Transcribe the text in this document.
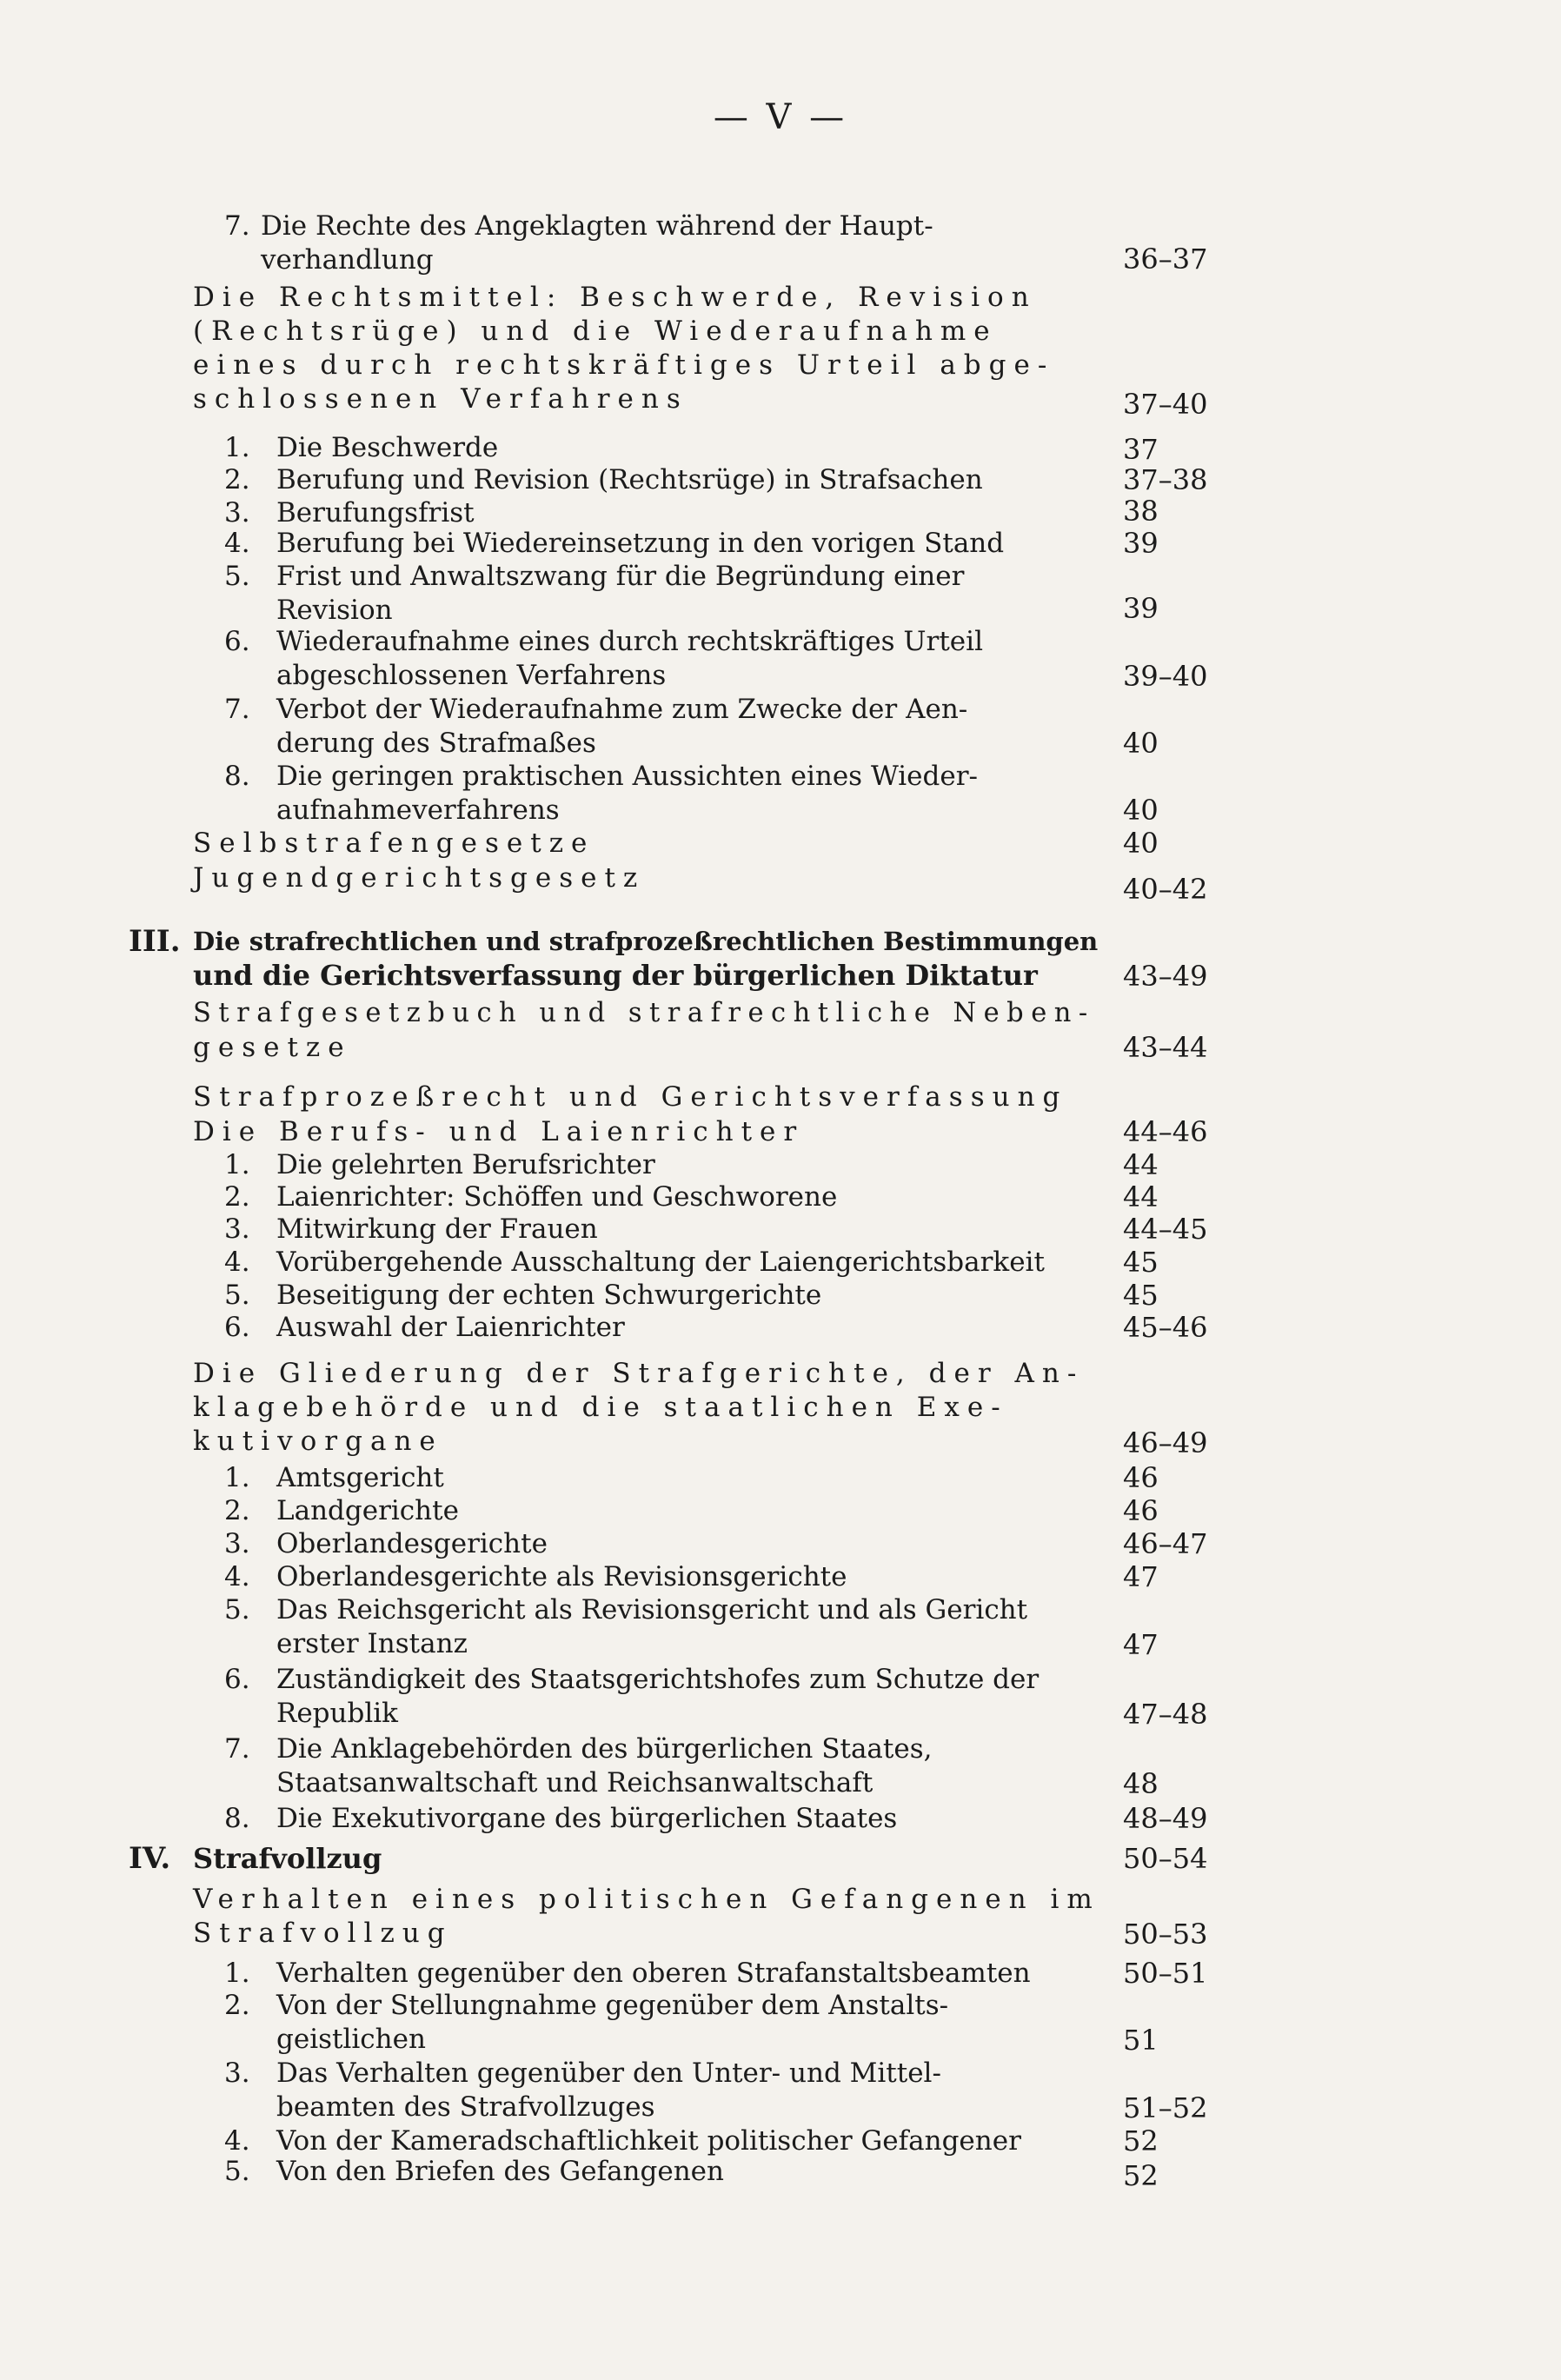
— V —
7. Die Rechte des Angeklagten während der Haupt-
verhandlung	36–37
Die Rechtsmittel: Beschwerde, Revision
(Rechtsrüge) und die Wiederaufnahme
eines durch rechtskräftiges Urteil abge-
schlossenen Verfahrens	37–40
1. Die Beschwerde	37
2. Berufung und Revision (Rechtsrüge) in Strafsachen	37–38
3. Berufungsfrist	38
4. Berufung bei Wiedereinsetzung in den vorigen Stand	39
5. Frist und Anwaltszwang für die Begründung einer
Revision	39
6. Wiederaufnahme eines durch rechtskräftiges Urteil
abgeschlossenen Verfahrens	39–40
7. Verbot der Wiederaufnahme zum Zwecke der Aen-
derung des Strafmaßes	40
8. Die geringen praktischen Aussichten eines Wieder-
aufnahmeverfahrens	40
Selbstrafengesetze	40
Jugendgerichtsgesetz	40–42
III. Die strafrechtlichen und strafprozeßrechtlichen Bestimmungen
und die Gerichtsverfassung der bürgerlichen Diktatur	43–49
Strafgesetzbuch und strafrechtliche Neben-
gesetze	43–44
Strafprozeßrecht und Gerichtsverfassung
Die Berufs- und Laienrichter	44–46
1. Die gelehrten Berufsrichter	44
2. Laienrichter: Schöffen und Geschworene	44
3. Mitwirkung der Frauen	44–45
4. Vorübergehende Ausschaltung der Laiengerichtsbarkeit	45
5. Beseitigung der echten Schwurgerichte	45
6. Auswahl der Laienrichter	45–46
Die Gliederung der Strafgerichte, der An-
klagebehörde und die staatlichen Exe-
kutivorgane	46–49
1. Amtsgericht	46
2. Landgerichte	46
3. Oberlandesgerichte	46–47
4. Oberlandesgerichte als Revisionsgerichte	47
5. Das Reichsgericht als Revisionsgericht und als Gericht
erster Instanz	47
6. Zuständigkeit des Staatsgerichtshofes zum Schutze der
Republik	47–48
7. Die Anklagebehörden des bürgerlichen Staates,
Staatsanwaltschaft und Reichsanwaltschaft	48
8. Die Exekutivorgane des bürgerlichen Staates	48–49
IV. Strafvollzug	50–54
Verhalten eines politischen Gefangenen im
Strafvollzug	50–53
1. Verhalten gegenüber den oberen Strafanstaltsbeamten	50–51
2. Von der Stellungnahme gegenüber dem Anstalts-
geistlichen	51
3. Das Verhalten gegenüber den Unter- und Mittel-
beamten des Strafvollzuges	51–52
4. Von der Kameradschaftlichkeit politischer Gefangener	52
5. Von den Briefen des Gefangenen	52
